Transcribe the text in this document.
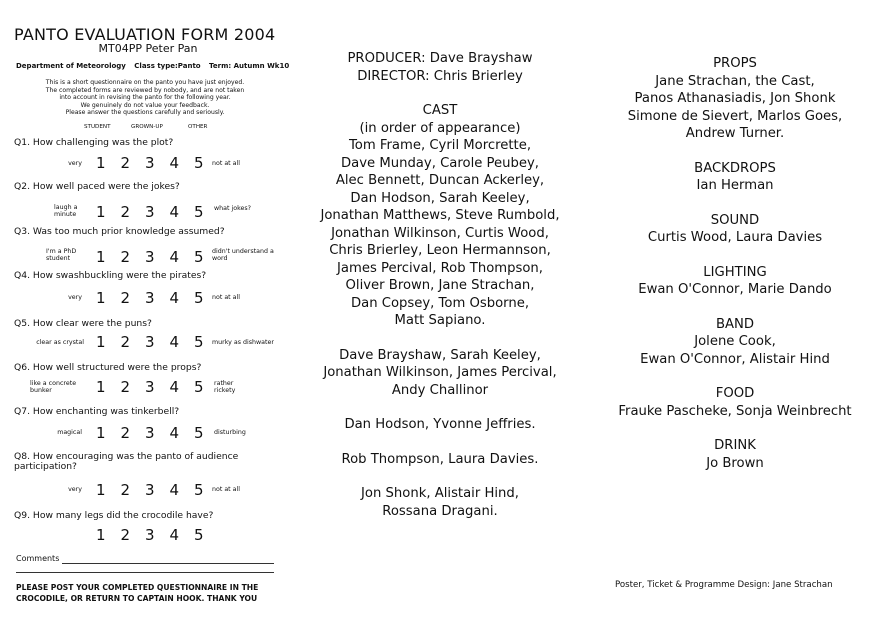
PANTO EVALUATION FORM 2004
MT04PP Peter Pan
Department of Meteorology Class type:Panto Term: Autumn Wk10
This is a short questionnaire on the panto you have just enjoyed.
The completed forms are reviewed by nobody, and are not taken
into account in revising the panto for the following year.
We genuinely do not value your feedback.
Please answer the questions carefully and seriously.
STUDENT	GROWN-UP	OTHER
Q1. How challenging was the plot?
very 1 2 3 4 5	not at all
Q2. How well paced were the jokes?
laugh a minute	1 2 3 4 5	what jokes?
Q3. Was too much prior knowledge assumed?
I'm a PhD student	1 2 3 4 5	didn't understand a word
Q4. How swashbuckling were the pirates?
very 1 2 3 4 5	not at all
Q5. How clear were the puns?
clear as crystal 1 2 3 4 5	murky as dishwater
Q6. How well structured were the props?
like a concrete bunker	1 2 3 4 5	rather rickety
Q7. How enchanting was tinkerbell?
magical 1 2 3 4 5	disturbing
Q8. How encouraging was the panto of audience participation?
very 1 2 3 4 5	not at all
Q9. How many legs did the crocodile have?
1 2 3 4 5
Comments
PLEASE POST YOUR COMPLETED QUESTIONNAIRE IN THE CROCODILE, OR RETURN TO CAPTAIN HOOK. THANK YOU
PRODUCER: Dave Brayshaw
DIRECTOR: Chris Brierley
CAST
(in order of appearance)
Tom Frame, Cyril Morcrette,
Dave Munday, Carole Peubey,
Alec Bennett, Duncan Ackerley,
Dan Hodson, Sarah Keeley,
Jonathan Matthews, Steve Rumbold,
Jonathan Wilkinson, Curtis Wood,
Chris Brierley, Leon Hermannson,
James Percival, Rob Thompson,
Oliver Brown, Jane Strachan,
Dan Copsey, Tom Osborne,
Matt Sapiano.
Dave Brayshaw, Sarah Keeley,
Jonathan Wilkinson, James Percival,
Andy Challinor
Dan Hodson, Yvonne Jeffries.
Rob Thompson, Laura Davies.
Jon Shonk, Alistair Hind,
Rossana Dragani.
PROPS
Jane Strachan, the Cast,
Panos Athanasiadis, Jon Shonk
Simone de Sievert, Marlos Goes,
Andrew Turner.
BACKDROPS
Ian Herman
SOUND
Curtis Wood, Laura Davies
LIGHTING
Ewan O'Connor, Marie Dando
BAND
Jolene Cook,
Ewan O'Connor, Alistair Hind
FOOD
Frauke Pascheke, Sonja Weinbrecht
DRINK
Jo Brown
Poster, Ticket & Programme Design: Jane Strachan
